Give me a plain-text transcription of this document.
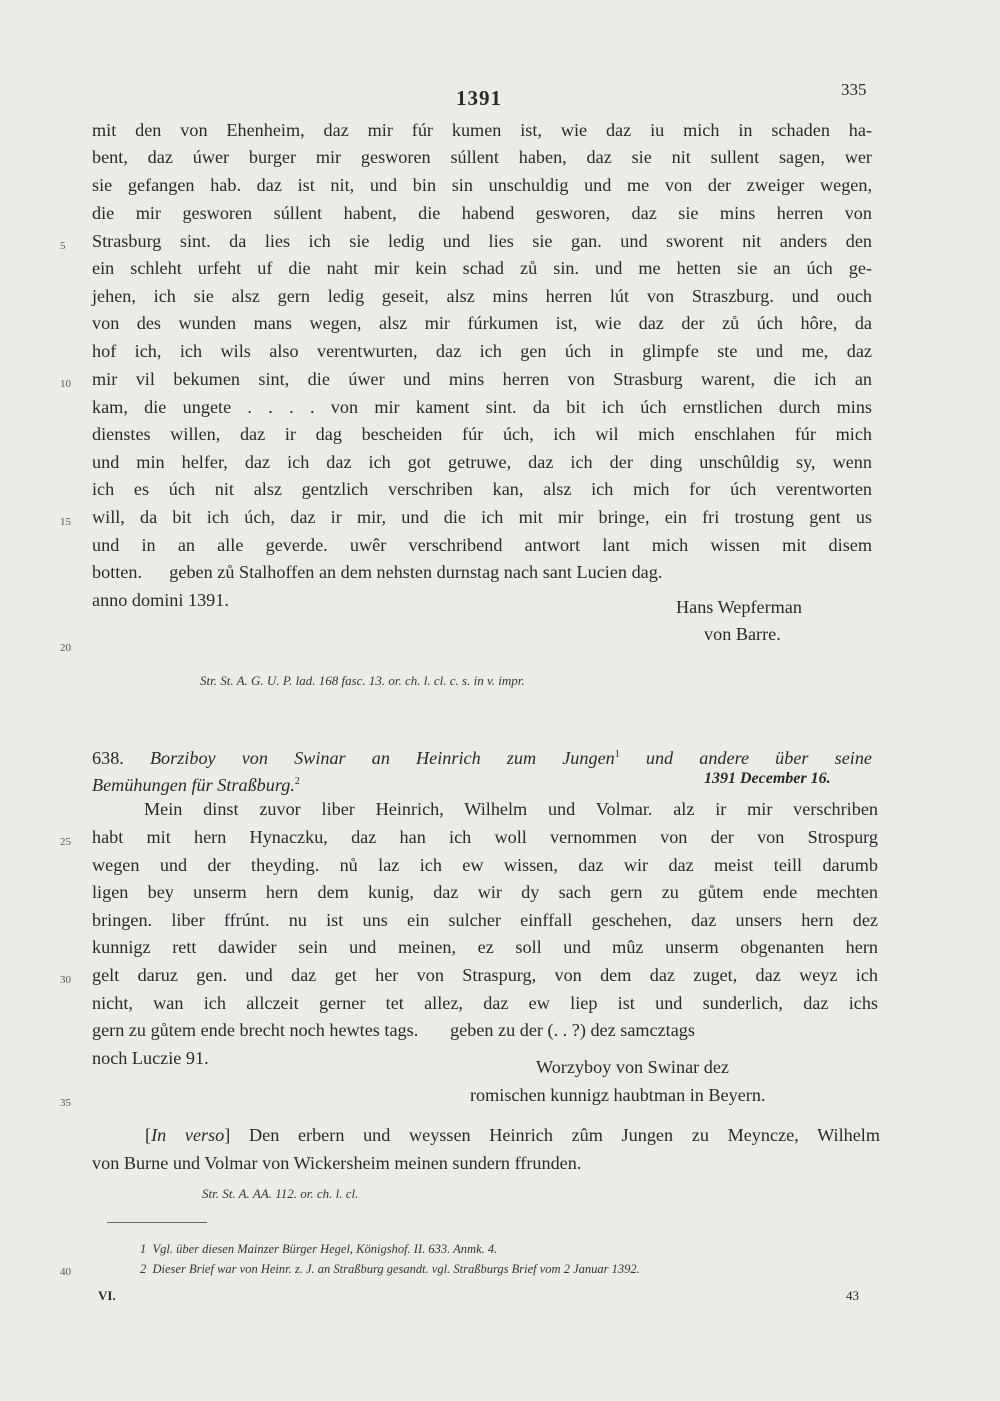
1391	335
mit den von Ehenheim, daz mir fúr kumen ist, wie daz iu mich in schaden ha-
bent, daz úwer burger mir gesworen súllent haben, daz sie nit sullent sagen, wer
sie gefangen hab. daz ist nit, und bin sin unschuldig und me von der zweiger wegen,
die mir gesworen súllent habent, die habend gesworen, daz sie mins herren von
Strasburg sint. da lies ich sie ledig und lies sie gan. und sworent nit anders den
ein schleht urfeht uf die naht mir kein schad zů sin. und me hetten sie an úch ge-
jehen, ich sie alsz gern ledig geseit, alsz mins herren lút von Straszburg. und ouch
von des wunden mans wegen, alsz mir fúrkumen ist, wie daz der zů úch hôre, da
hof ich, ich wils also verentwurten, daz ich gen úch in glimpfe ste und me, daz
mir vil bekumen sint, die úwer und mins herren von Strasburg warent, die ich an
kam, die ungete . . . . von mir kament sint. da bit ich úch ernstlichen durch mins
dienstes willen, daz ir dag bescheiden fúr úch, ich wil mich enschlahen fúr mich
und min helfer, daz ich daz ich got getruwe, daz ich der ding unschûldig sy, wenn
ich es úch nit alsz gentzlich verschriben kan, alsz ich mich for úch verentworten
will, da bit ich úch, daz ir mir, und die ich mit mir bringe, ein fri trostung gent us
und in an alle geverde. uwêr verschribend antwort lant mich wissen mit disem
botten.      geben zů Stalhoffen an dem nehsten durnstag nach sant Lucien dag.
anno domini 1391.	Hans Wepferman
von Barre.
Str. St. A. G. U. P. lad. 168 fasc. 13. or. ch. l. cl. c. s. in v. impr.
638. Borziboy von Swinar an Heinrich zum Jungen$^1$ und andere über seine
Bemühungen für Straßburg.$^2$	1391 December 16.
Mein dinst zuvor liber Heinrich, Wilhelm und Volmar. alz ir mir verschriben
habt mit hern Hynaczku, daz han ich woll vernommen von der von Strospurg
wegen und der theyding. nů laz ich ew wissen, daz wir daz meist teill darumb
ligen bey unserm hern dem kunig, daz wir dy sach gern zu gůtem ende mechten
bringen. liber ffrúnt. nu ist uns ein sulcher einffall geschehen, daz unsers hern dez
kunnigz rett dawider sein und meinen, ez soll und mûz unserm obgenanten hern
gelt daruz gen. und daz get her von Straspurg, von dem daz zuget, daz weyz ich
nicht, wan ich allczeit gerner tet allez, daz ew liep ist und sunderlich, daz ichs
gern zu gůtem ende brecht noch hewtes tags.       geben zu der (. . ?) dez samcztags
noch Luczie 91.	Worzyboy von Swinar dez
romischen kunnigz haubtman in Beyern.
[In verso] Den erbern und weyssen Heinrich zûm Jungen zu Meyncze, Wilhelm
von Burne und Volmar von Wickersheim meinen sundern ffrunden.
Str. St. A. AA. 112. or. ch. l. cl.
1 Vgl. über diesen Mainzer Bürger Hegel, Königshof. II. 633. Anmk. 4.
2 Dieser Brief war von Heinr. z. J. an Straßburg gesandt. vgl. Straßburgs Brief vom 2 Januar 1392.
VI.	43
5
10
15
20
25
30
35
40
